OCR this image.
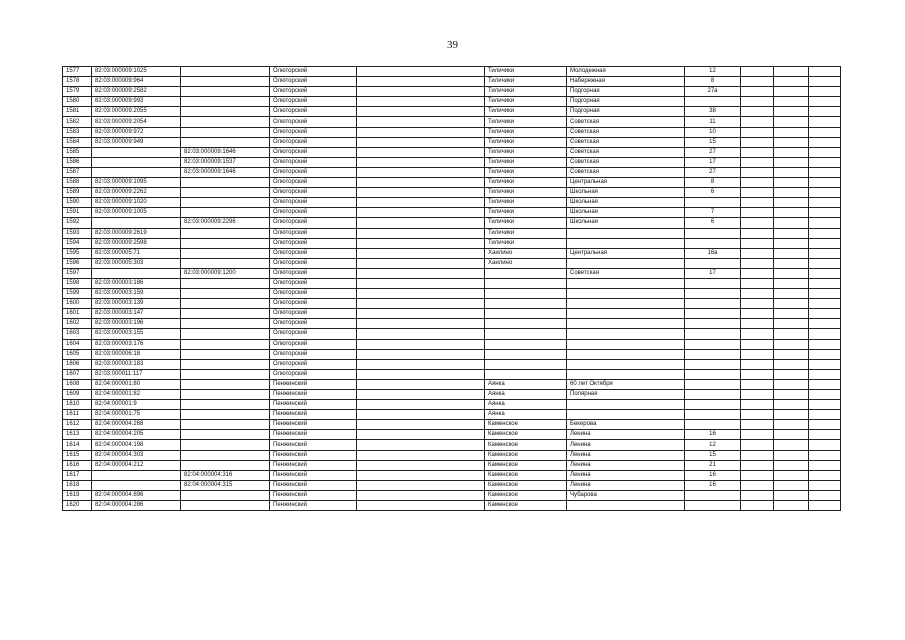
39
1577	82:03:000009:1025		Олюторский		Тиличики	Молодежная	12			
1578	82:03:000009:964		Олюторский		Тиличики	Набережная	8			
1579	82:03:000009:2582		Олюторский		Тиличики	Подгорная	27а			
1580	82:03:000009:993		Олюторский		Тиличики	Подгорная				
1581	82:03:000009:2055		Олюторский		Тиличики	Подгорная	38			
1582	82:03:000009:2054		Олюторский		Тиличики	Советская	11			
1583	82:03:000009:972		Олюторский		Тиличики	Советская	10			
1584	82:03:000009:949		Олюторский		Тиличики	Советская	15			
1585		82:03:000009:1646	Олюторский		Тиличики	Советская	27			
1586		82:03:000009:1537	Олюторский		Тиличики	Советская	17			
1587		82:03:000009:1646	Олюторский		Тиличики	Советская	27			
1588	82:03:000009:1095		Олюторский		Тиличики	Центральная	8			
1589	82:03:000009:2262		Олюторский		Тиличики	Школьная	6			
1590	82:03:000009:1020		Олюторский		Тиличики	Школьная				
1591	82:03:000009:1005		Олюторский		Тиличики	Школьная	7			
1592		82:03:000009:2296	Олюторский		Тиличики	Школьная	6			
1593	82:03:000009:2619		Олюторский		Тиличики					
1594	82:03:000009:2598		Олюторский		Тиличики					
1595	82:03:000005:71		Олюторский		Хаилино	Центральная	16а			
1596	82:03:000005:303		Олюторский		Хаилино					
1597		82:03:000009:1200	Олюторский			Советская	17			
1598	82:03:000003:186		Олюторский							
1599	82:03:000003:159		Олюторский							
1600	82:03:000003:139		Олюторский							
1601	82:03:000003:147		Олюторский							
1602	82:03:000003:196		Олюторский							
1603	82:03:000003:155		Олюторский							
1604	82:03:000003:176		Олюторский							
1605	82:03:000006:18		Олюторский							
1606	82:03:000003:183		Олюторский							
1607	82:03:000011:117		Олюторский							
1608	82:04:000001:80		Пенжинский		Аянка	60 лет Октября				
1609	82:04:000001:82		Пенжинский		Аянка	Полярная				
1610	82:04:000001:9		Пенжинский		Аянка					
1611	82:04:000001:75		Пенжинский		Аянка					
1612	82:04:000004:268		Пенжинский		Каменское	Бекерова				
1613	82:04:000004:205		Пенжинский		Каменское	Ленина	16			
1614	82:04:000004:198		Пенжинский		Каменское	Ленина	12			
1615	82:04:000004:303		Пенжинский		Каменское	Ленина	15			
1616	82:04:000004:212		Пенжинский		Каменское	Ленина	21			
1617		82:04:000004:316	Пенжинский		Каменское	Ленина	16			
1618		82:04:000004:315	Пенжинский		Каменское	Ленина	16			
1619	82:04:000004:896		Пенжинский		Каменское	Чубарова				
1620	82:04:000004:286		Пенжинский		Каменское					
